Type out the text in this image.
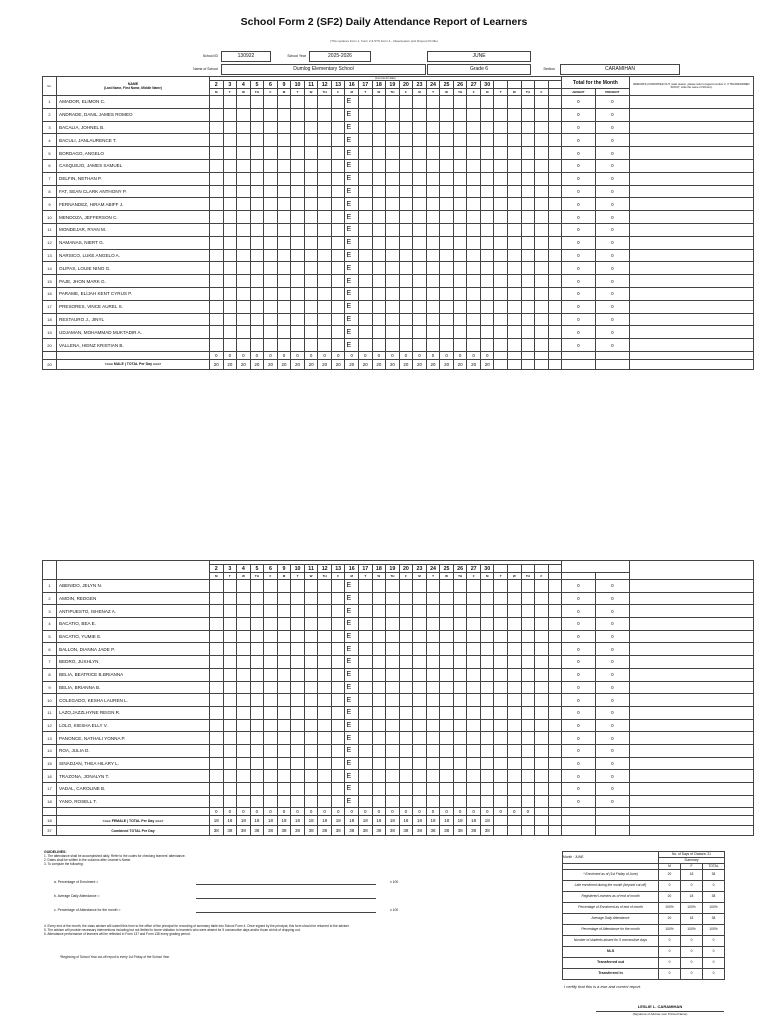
School Form 2 (SF2) Daily Attendance Report of Learners
(This replaces Form 1, Form 2 & STS Form 4 - Absenteeism and Dropout Profile)
School ID	130922	School Year	2025-2026	JUNE
Name of School	Dumlog Elementary School	Grade 6	Section	CARAMIHAN
No.	NAME
(Last Name, First Name, Middle Name)	(1st row for date)																										Total for the Month		REMARKS (If DROPPED OUT, state reason, please refer to legend number 2. If TRANSFERRED IN/OUT, write the name of School.)
		2	3	4	5	6	9	10	11	12	13	16	17	18	19	20	23	24	25	26	27	30								
		M	T	W	TH	F	M	T	W	TH	F	M	T	W	TH	F	M	T	W	TH	F	M	T	W	TH	F		ABSENT	PRESENT	
1	AMADOR, ELIMON C.											E																0	0	
2	ANDRADE, DANIL JAMES ROMEO											E																0	0	
3	BACALIA, JOHNEL B.											E																0	0	
4	BACULI, JANLAURENCE T.											E																0	0	
5	BORDAGO, ANGELO											E																0	0	
6	CASQUEJO, JAMES SAMUEL											E																0	0	
7	DELFIN, NETHAN P.											E																0	0	
8	FAT, SEAN CLARK ANTHONY P.											E																0	0	
9	FERNANDEZ, HIRAM ABIFF J.											E																0	0	
10	MENDOZA, JEFFERSON C.											E																0	0	
11	MONDEJAR, RYAN M.											E																0	0	
12	NAMANAS, NIERT G.											E																0	0	
13	NARSICO, LUKE ANGELO A.											E																0	0	
14	OLIPAS, LOUIE NINO G.											E																0	0	
15	PAJE, JHON MARK G.											E																0	0	
16	PARAME, ELIJAH KENT CYRUS P.											E																0	0	
17	PRESORES, VINCE AUREL S.											E																0	0	
18	RESTAURO J., JINYL											E																0	0	
19	UDJAMAN, MOHAMMAD MUKTADIR A.											E																0	0	
20	VALLENA, HEINZ KRISTIAN B.											E																0	0	
		0	0	0	0	0	0	0	0	0	0	0	0	0	0	0	0	0	0	0	0	0								
20	<=== MALE | TOTAL Per Day ===>	20	20	20	20	20	20	20	20	20	20	20	20	20	20	20	20	20	20	20	20	20								

		2	3	4	5	6	9	10	11	12	13	16	17	18	19	20	23	24	25	26	27	30								
		M	T	W	TH	F	M	T	W	TH	F	M	T	W	TH	F	M	T	W	TH	F	M	T	W	TH	F				
1	ABENIDO, JELYN N.											E																0	0	
2	AMOIN, REDGEN											E																0	0	
3	ANTIPUESTO, ISHENAZ A.											E																0	0	
4	BACATIO, BEA E.											E																0	0	
5	BACATIO, YUMIE E.											E																0	0	
6	BALLON, DIANNA JADE P.											E																0	0	
7	BEDRO, JUSHLYN											E																0	0	
8	BELIA, BEATRICE B.BRIANNA											E																0	0	
9	BELIA, BRIANNA B.											E																0	0	
10	COLEGADO, KESHA LAUREN L.											E																0	0	
11	LAZO,JAZZLHYNE REIGN R.											E																0	0	
12	LOLO, KIESHA ELLY V.											E																0	0	
13	PANONCE, NATHALI YONNA P.											E																0	0	
14	ROA, JULIA D.											E																0	0	
15	SINADJAN, THEA HILARY L.											E																0	0	
16	TRAZONA, JONALYN T.											E																0	0	
17	VADAL, CAROLINE B.											E																0	0	
18	YANO, ROSELL T.											E																0	0	
		0	0	0	0	0	0	0	0	0	0	0	0	0	0	0	0	0	0	0	0	0	0	0	0					
18	<=== FEMALE | TOTAL Per Day ===>	18	18	18	18	18	18	18	18	18	18	18	18	18	18	18	18	18	18	18	18	18								
37	Combined TOTAL Per Day	38	38	38	38	38	38	38	38	38	38	38	38	38	38	38	38	38	38	38	38	38								
GUIDELINES:
1. The attendance shall be accomplished daily. Refer to the codes for checking learners' attendance.
2. Dates shall be written in the columns after Learner's Name.
3. To compute the following:
a. Percentage of Enrolment =	x 100
b. Average Daily Attendance =
c. Percentage of Attendance for the month =	x 100
4. Every end of the month, the class adviser will submit this form to the office of the principal for recording of summary table into School Form 4. Once signed by the principal, this form should be returned to the adviser.
5. The adviser will provide necessary interventions including but not limited to home visitation to learner/s who were absent for 5 consecutive days and/or those at risk of dropping out.
6. Attendance performance of learners will be reflected in Form 137 and Form 138 every grading period.
*Beginning of School Year cut-off report is every 1st Friday of the School Year
Month : JUNE	No. of Days of Classes: 21		
	Summary		
	M	F	TOTAL
* Enrolment as of (1st Friday of June)	20	18	38
Late enrolment during the month (beyond cut-off)	0	0	0
Registered Learners as of end of month	20	18	38
Percentage of Enrolment as of end of month	100%	100%	100%
Average Daily Attendance	20	18	38
Percentage of Attendance for the month	100%	100%	100%
Number of students absent for 5 consecutive days	0	0	0
NLS	0	0	0
Transferred out	0	0	0
Transferred in	0	0	0
I certify that this is a true and correct report.
LESLIE L. CARAMIHAN
(Signature of Adviser over Printed Name)
